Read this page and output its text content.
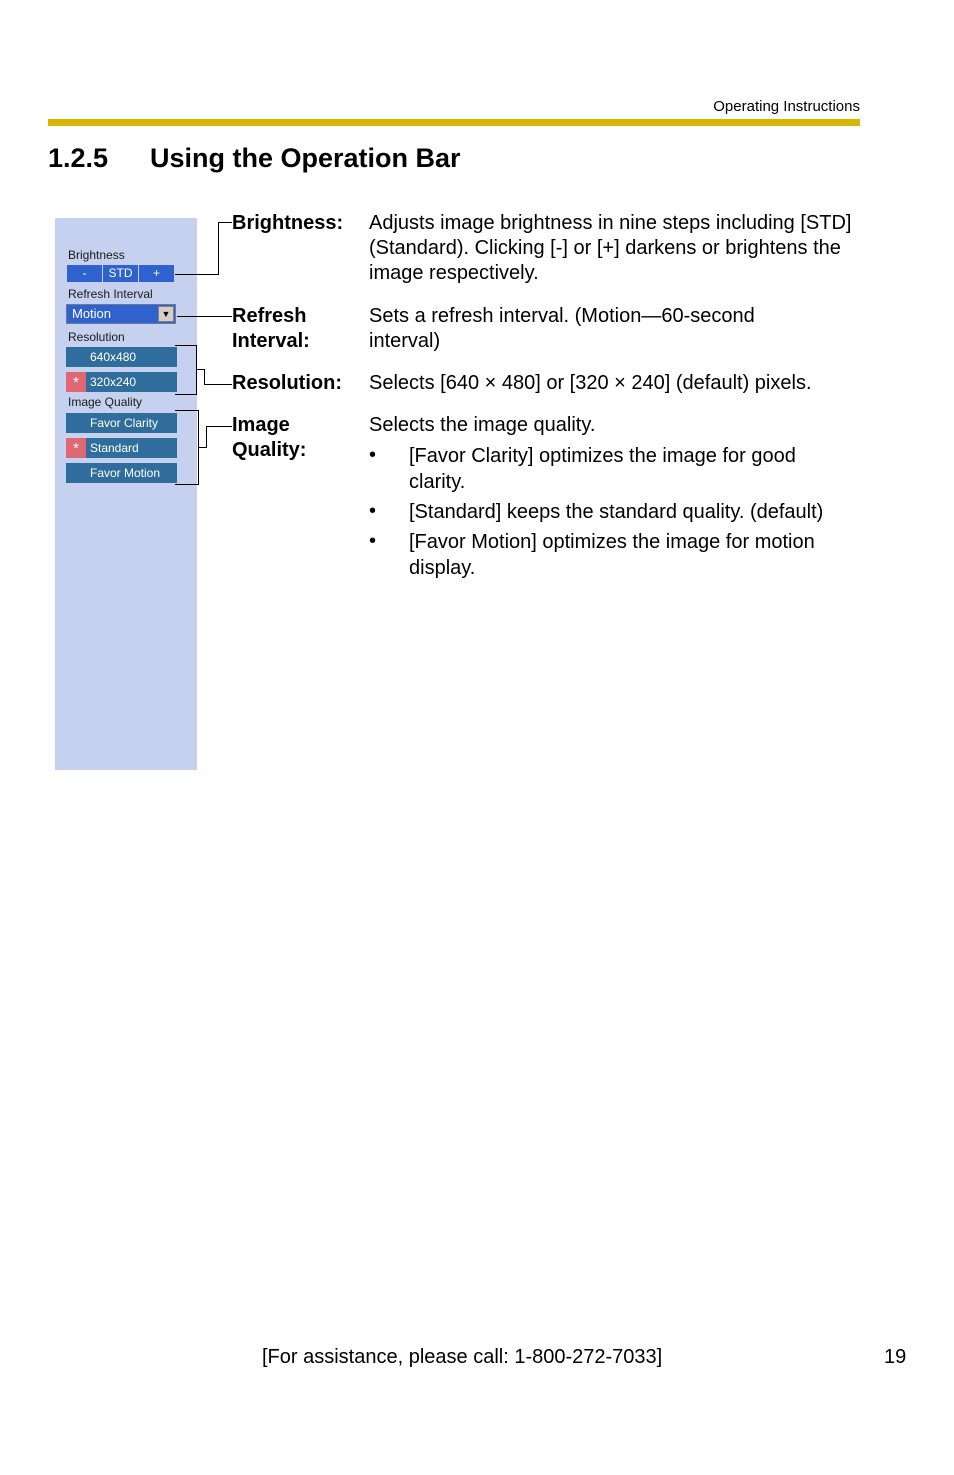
Operating Instructions
1.2.5 Using the Operation Bar
Brightness
-	STD	+
Refresh Interval
Motion	▼
Resolution
640x480
* 320x240
Image Quality
Favor Clarity
* Standard
Favor Motion
Brightness: Adjusts image brightness in nine steps including [STD] (Standard). Clicking [-] or [+] darkens or brightens the image respectively.
Refresh
Interval:
Sets a refresh interval. (Motion—60-second interval)
Resolution: Selects [640 × 480] or [320 × 240] (default) pixels.
Image
Quality:
Selects the image quality.
• [Favor Clarity] optimizes the image for good clarity.
• [Standard] keeps the standard quality. (default)
• [Favor Motion] optimizes the image for motion display.
[For assistance, please call: 1-800-272-7033]	19
